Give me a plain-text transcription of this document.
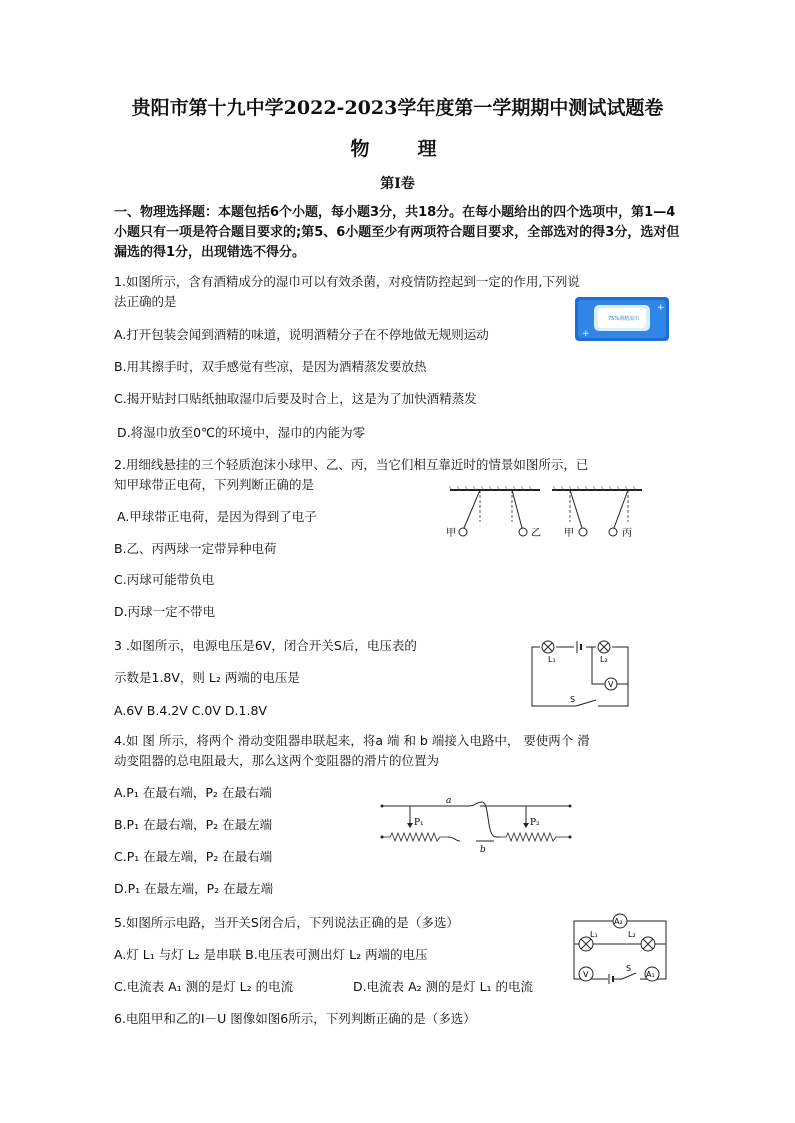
贵阳市第十九中学2022-2023学年度第一学期期中测试试题卷
物理
第Ⅰ卷
一、物理选择题：本题包括6个小题，每小题3分，共18分。在每小题给出的四个选项中，第1—4小题只有一项是符合题目要求的;第5、6小题至少有两项符合题目要求，全部选对的得3分，选对但漏选的得1分，出现错选不得分。
1.如图所示，含有酒精成分的湿巾可以有效杀菌，对疫情防控起到一定的作用,下列说
法正确的是
A.打开包装会闻到酒精的味道，说明酒精分子在不停地做无规则运动
B.用其擦手时，双手感觉有些凉，是因为酒精蒸发要放热
C.揭开贴封口贴纸抽取湿巾后要及时合上，这是为了加快酒精蒸发
D.将湿巾放至0℃的环境中，湿巾的内能为零
75%酒精湿巾
+
+
2.用细线悬挂的三个轻质泡沫小球甲、乙、丙，当它们相互靠近时的情景如图所示，已
知甲球带正电荷，下列判断正确的是
A.甲球带正电荷，是因为得到了电子
B.乙、丙两球一定带异种电荷
C.丙球可能带负电
D.丙球一定不带电
甲	乙 甲	丙
3 .如图所示，电源电压是6V，闭合开关S后，电压表的
示数是1.8V，则 L₂ 两端的电压是
A.6V B.4.2V C.0V D.1.8V
L₁	L₂
V
S
4.如 图 所示，将两个 滑动变阻器串联起来，将a 端 和 b 端接入电路中， 要使两个 滑
动变阻器的总电阻最大，那么这两个变阻器的滑片的位置为
A.P₁ 在最右端，P₂ 在最右端
B.P₁ 在最右端，P₂ 在最左端
C.P₁ 在最左端，P₂ 在最右端
D.P₁ 在最左端，P₂ 在最左端
a
P₁	P₂
b
5.如图所示电路，当开关S闭合后，下列说法正确的是（多选）
A.灯 L₁ 与灯 L₂ 是串联 B.电压表可测出灯 L₂ 两端的电压
C.电流表 A₁ 测的是灯 L₂ 的电流	D.电流表 A₂ 测的是灯 L₁ 的电流
A₂
L₁	L₂
V
S
A₁
6.电阻甲和乙的I－U 图像如图6所示，下列判断正确的是（多选）
